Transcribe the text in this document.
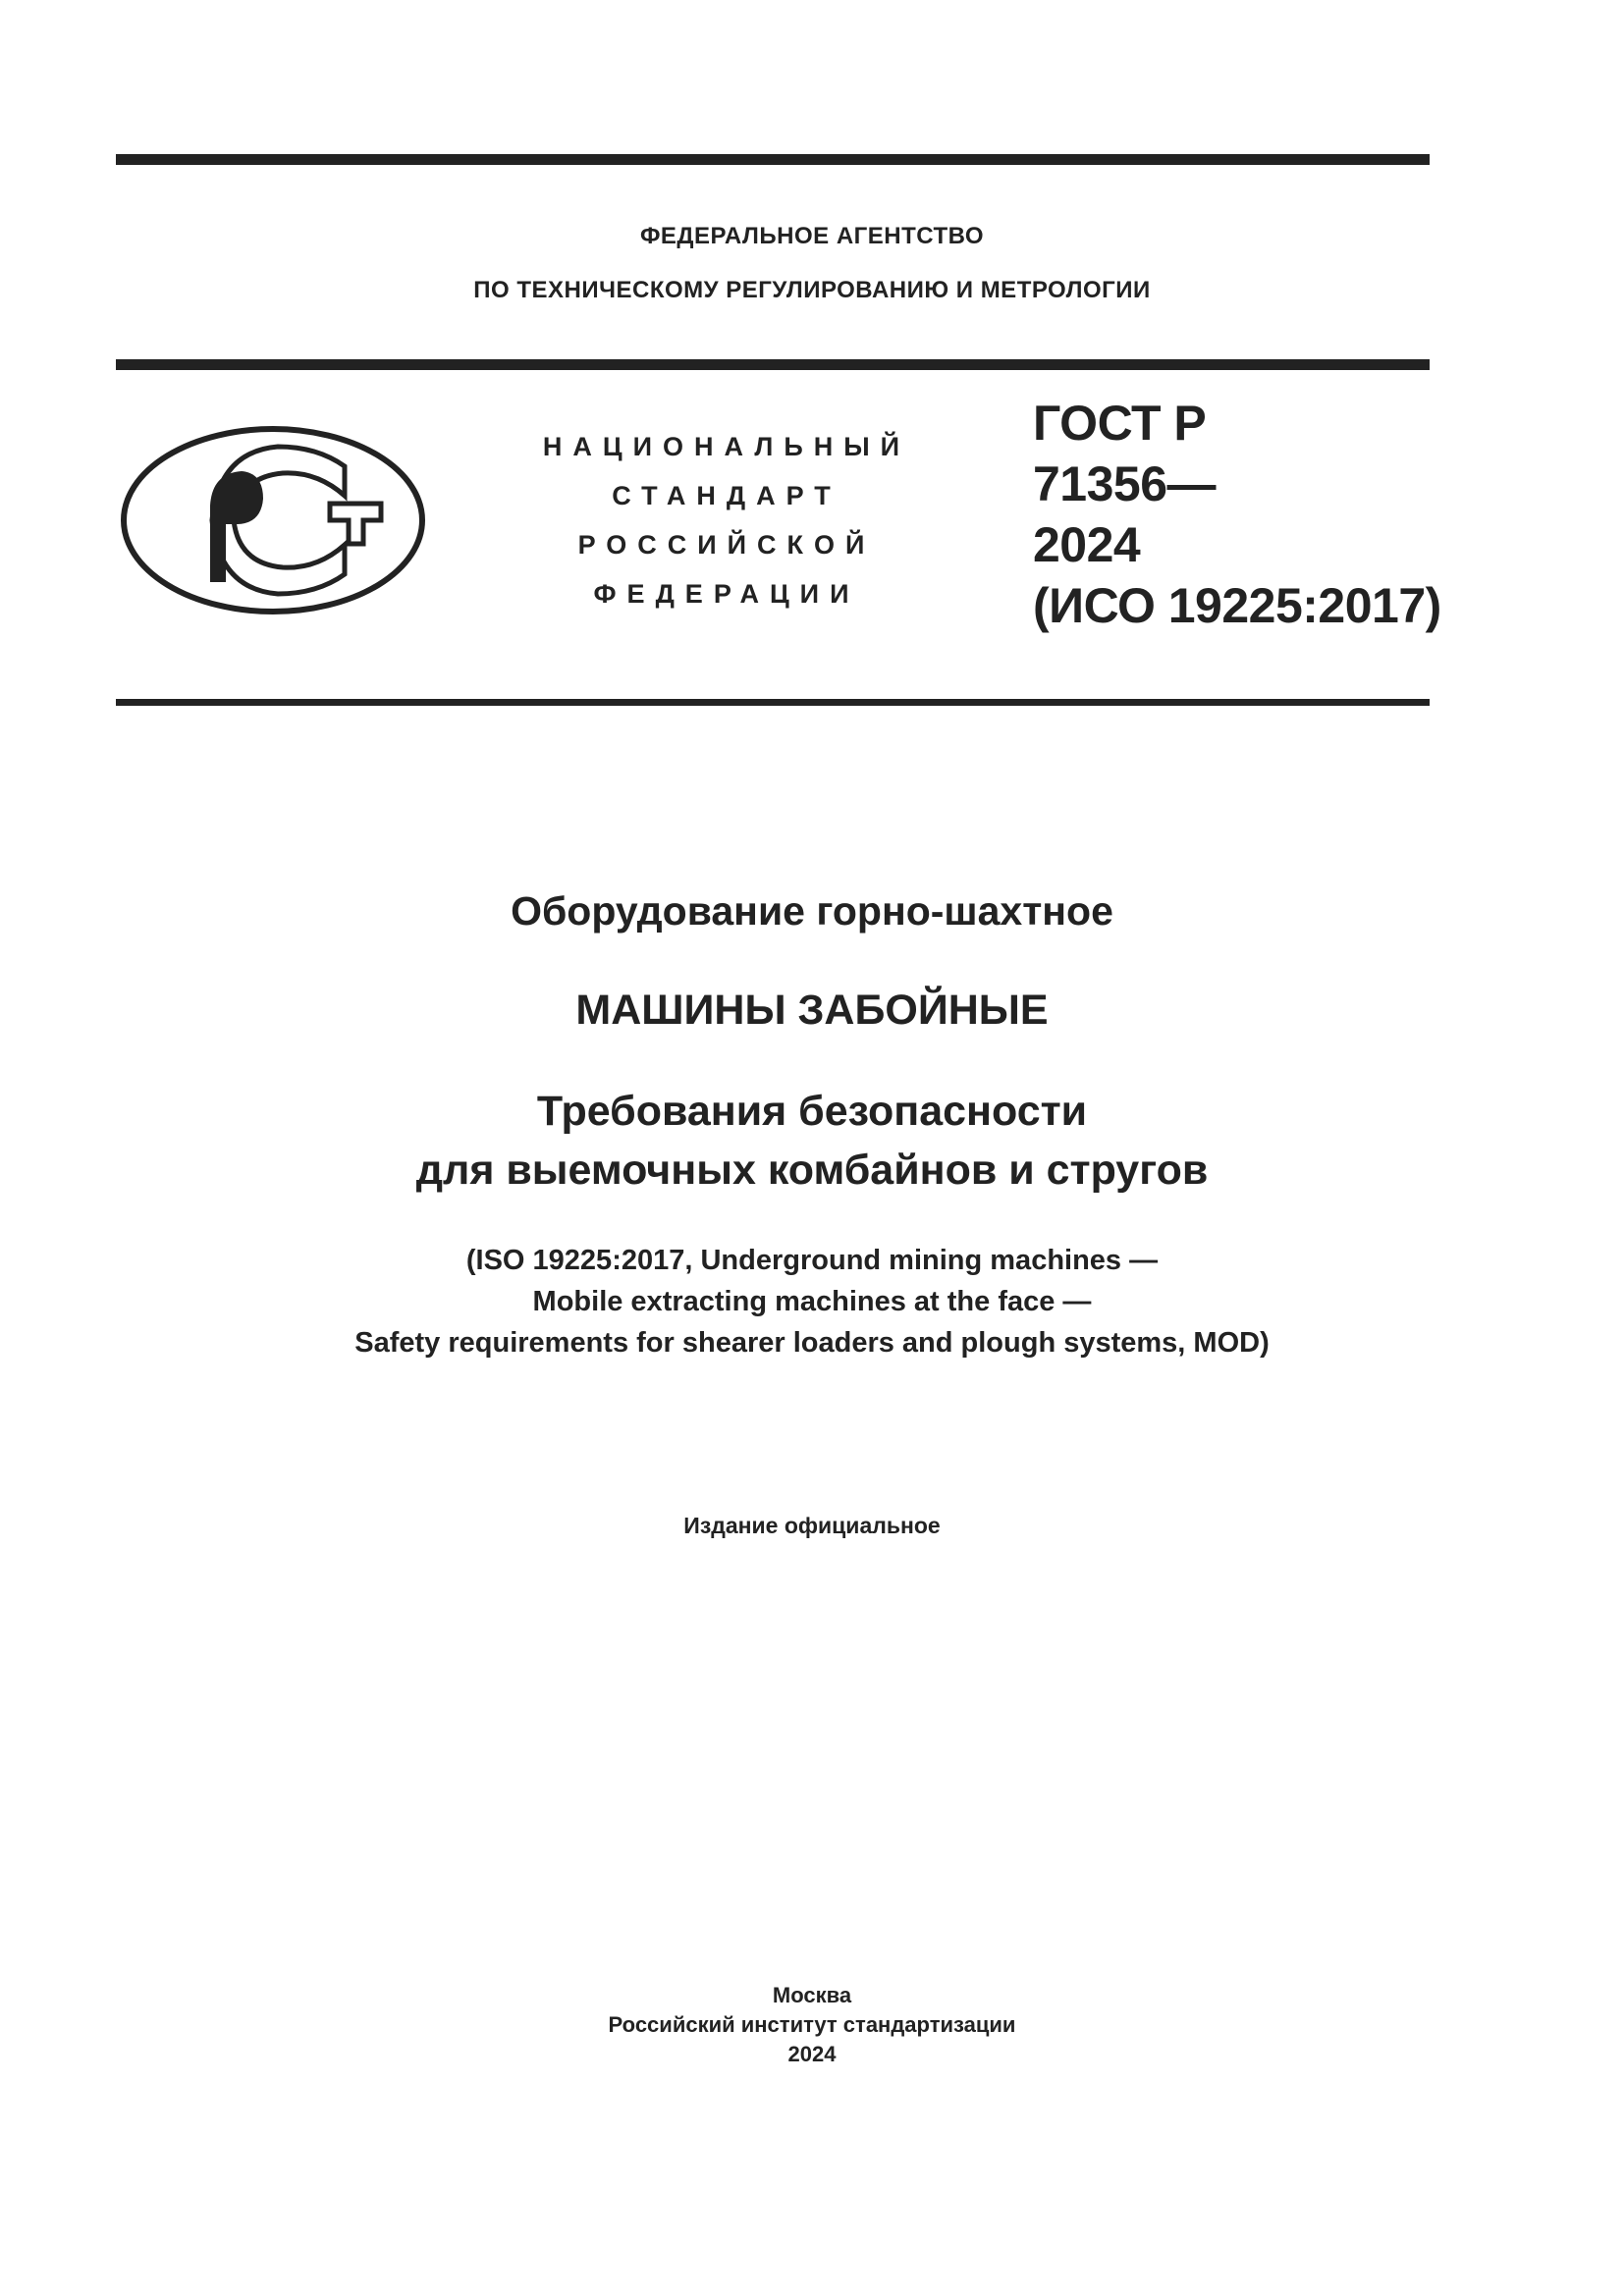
ФЕДЕРАЛЬНОЕ АГЕНТСТВО
ПО ТЕХНИЧЕСКОМУ РЕГУЛИРОВАНИЮ И МЕТРОЛОГИИ
НАЦИОНАЛЬНЫЙ
СТАНДАРТ
РОССИЙСКОЙ
ФЕДЕРАЦИИ
ГОСТ Р
71356—
2024
(ИСО 19225:2017)
Оборудование горно-шахтное
МАШИНЫ ЗАБОЙНЫЕ
Требования безопасности
для выемочных комбайнов и стругов
(ISO 19225:2017, Underground mining machines —
Mobile extracting machines at the face —
Safety requirements for shearer loaders and plough systems, MOD)
Издание официальное
Москва
Российский институт стандартизации
2024
